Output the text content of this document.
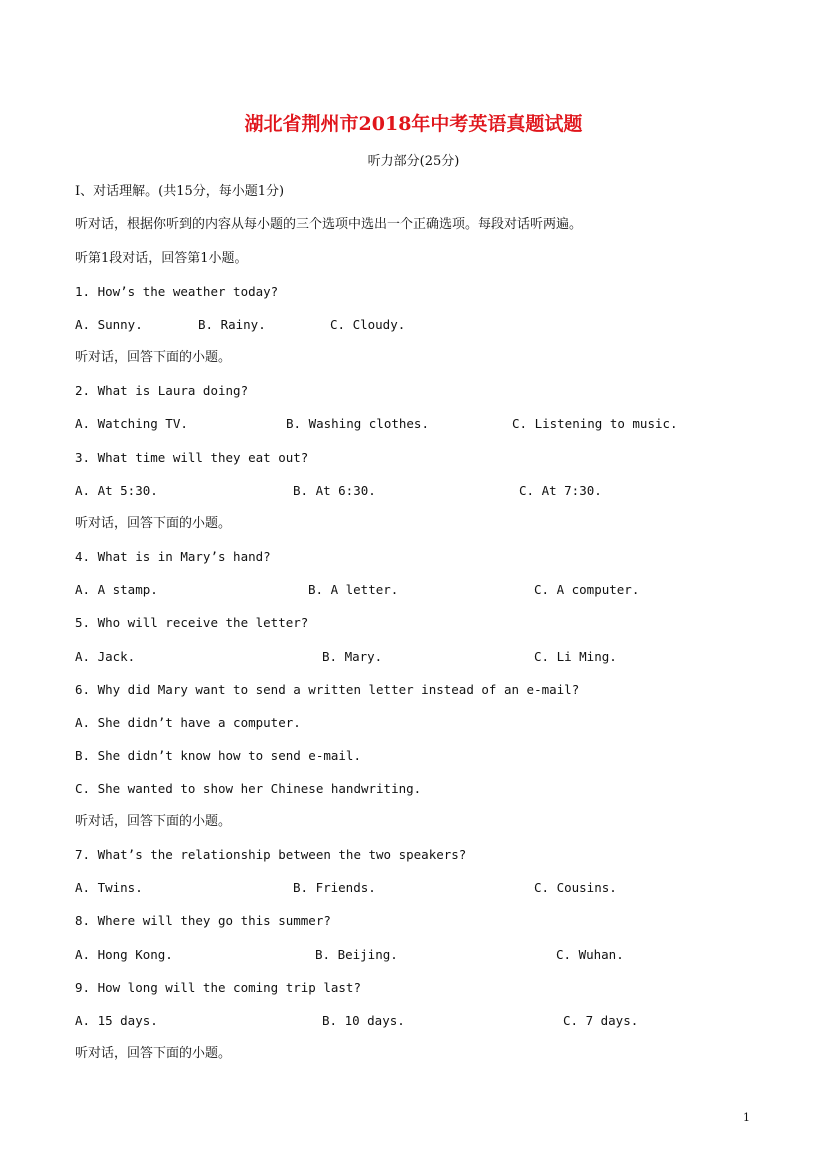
湖北省荆州市2018年中考英语真题试题
听力部分(25分)
I、对话理解。(共15分，每小题1分)
听对话，根据你听到的内容从每小题的三个选项中选出一个正确选项。每段对话听两遍。
听第1段对话，回答第1小题。
1. How’s the weather today?
A. Sunny.	B. Rainy.	C. Cloudy.
听对话，回答下面的小题。
2. What is Laura doing?
A. Watching TV.	B. Washing clothes.	C. Listening to music.
3. What time will they eat out?
A. At 5:30.	B. At 6:30.	C. At 7:30.
听对话，回答下面的小题。
4. What is in Mary’s hand?
A. A stamp.	B. A letter.	C. A computer.
5. Who will receive the letter?
A. Jack.	B. Mary.	C. Li Ming.
6. Why did Mary want to send a written letter instead of an e-mail?
A. She didn’t have a computer.
B. She didn’t know how to send e-mail.
C. She wanted to show her Chinese handwriting.
听对话，回答下面的小题。
7. What’s the relationship between the two speakers?
A. Twins.	B. Friends.	C. Cousins.
8. Where will they go this summer?
A. Hong Kong.	B. Beijing.	C. Wuhan.
9. How long will the coming trip last?
A. 15 days.	B. 10 days.	C. 7 days.
听对话，回答下面的小题。
1
